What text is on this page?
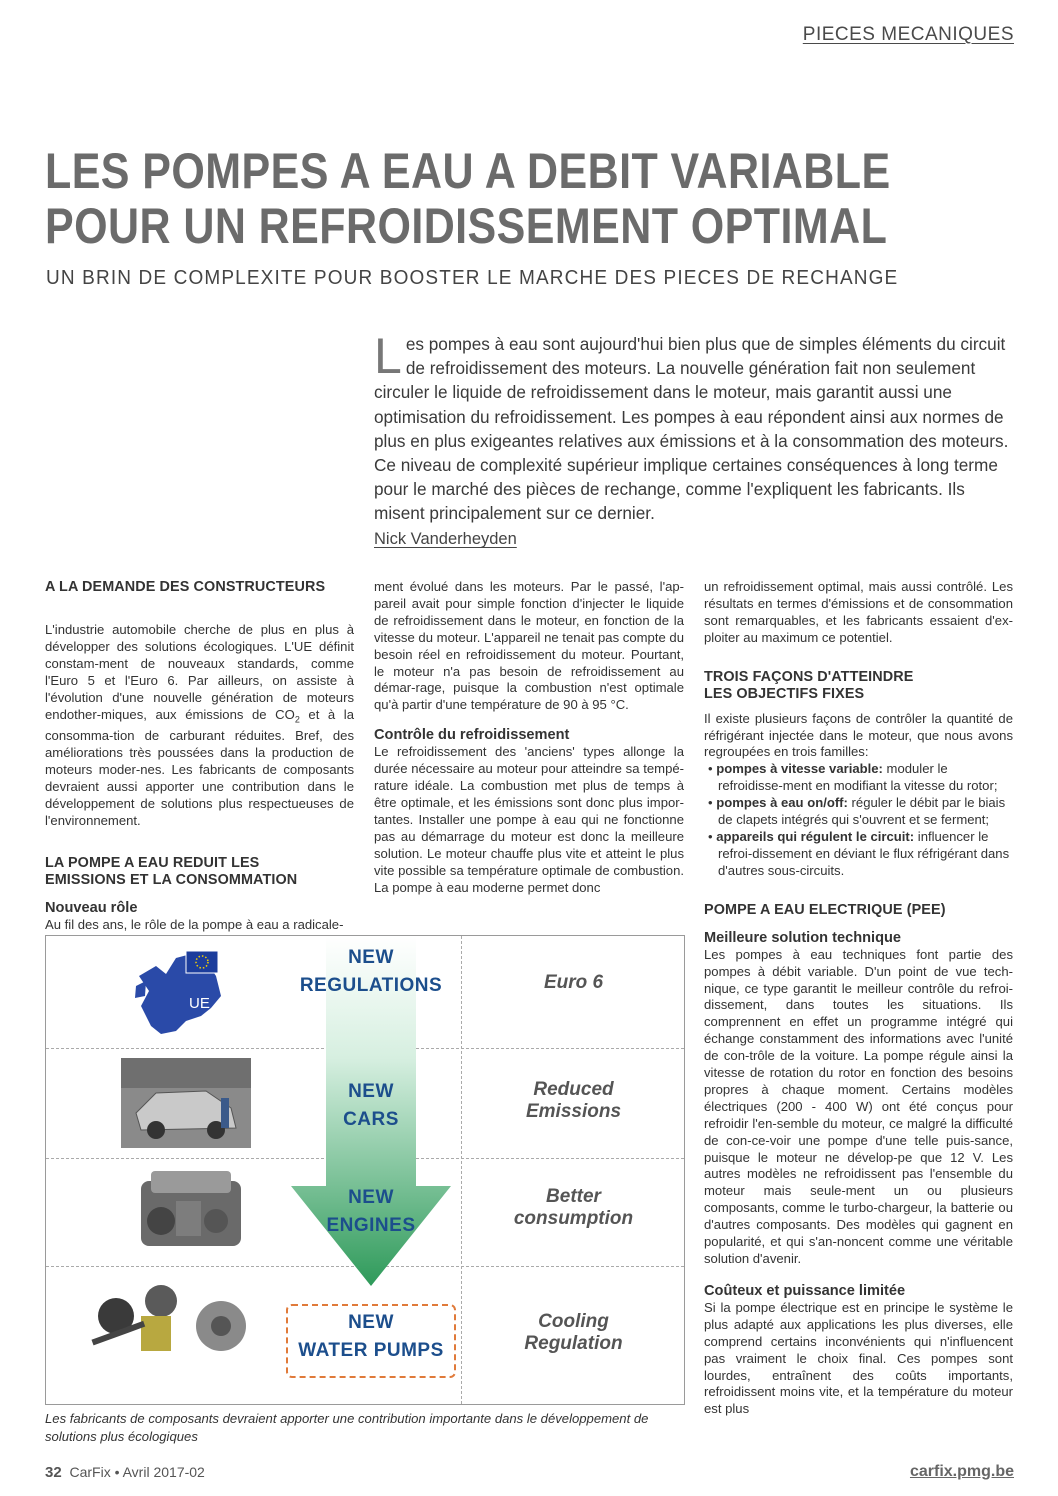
PIECES MECANIQUES
LES POMPES A EAU A DEBIT VARIABLE
POUR UN REFROIDISSEMENT OPTIMAL
UN BRIN DE COMPLEXITE POUR BOOSTER LE MARCHE DES PIECES DE RECHANGE
Les pompes à eau sont aujourd'hui bien plus que de simples éléments du circuit de refroidissement des moteurs. La nouvelle génération fait non seulement circuler le liquide de refroidissement dans le moteur, mais garantit aussi une optimisation du refroidissement. Les pompes à eau répondent ainsi aux normes de plus en plus exigeantes relatives aux émissions et à la consommation des moteurs. Ce niveau de complexité supérieur implique certaines conséquences à long terme pour le marché des pièces de rechange, comme l'expliquent les fabricants. Ils misent principalement sur ce dernier.
Nick Vanderheyden
A LA DEMANDE DES CONSTRUCTEURS

L'industrie automobile cherche de plus en plus à développer des solutions écologiques. L'UE définit constam-ment de nouveaux standards, comme l'Euro 5 et l'Euro 6. Par ailleurs, on assiste à l'évolution d'une nouvelle génération de moteurs endother-miques, aux émissions de $CO_2$ et à la consomma-tion de carburant réduites. Bref, des améliorations très poussées dans la production de moteurs moder-nes. Les fabricants de composants devraient aussi apporter une contribution dans le développement de solutions plus respectueuses de l'environnement.

LA POMPE A EAU REDUIT LES
EMISSIONS ET LA CONSOMMATION
Nouveau rôle

Au fil des ans, le rôle de la pompe à eau a radicale-

ment évolué dans les moteurs. Par le passé, l'ap-pareil avait pour simple fonction d'injecter le liquide de refroidissement dans le moteur, en fonction de la vitesse du moteur. L'appareil ne tenait pas compte du besoin réel en refroidissement du moteur. Pourtant, le moteur n'a pas besoin de refroidissement au démar-rage, puisque la combustion n'est optimale qu'à partir d'une température de 90 à 95 °C.

Contrôle du refroidissement

Le refroidissement des 'anciens' types allonge la durée nécessaire au moteur pour atteindre sa tempé-rature idéale. La combustion met plus de temps à être optimale, et les émissions sont donc plus impor-tantes. Installer une pompe à eau qui ne fonctionne pas au démarrage du moteur est donc la meilleure solution. Le moteur chauffe plus vite et atteint le plus vite possible sa température optimale de combustion. La pompe à eau moderne permet donc

un refroidissement optimal, mais aussi contrôlé. Les résultats en termes d'émissions et de consommation sont remarquables, et les fabricants essaient d'ex-ploiter au maximum ce potentiel.

TROIS FAÇONS D'ATTEINDRE
LES OBJECTIFS FIXES

Il existe plusieurs façons de contrôler la quantité de réfrigérant injectée dans le moteur, que nous avons regroupées en trois familles:

• pompes à vitesse variable: moduler le refroidisse-ment en modifiant la vitesse du rotor;
• pompes à eau on/off: réguler le débit par le biais de clapets intégrés qui s'ouvrent et se ferment;
• appareils qui régulent le circuit: influencer le refroi-dissement en déviant le flux réfrigérant dans d'autres sous-circuits.
POMPE A EAU ELECTRIQUE (PEE)
Meilleure solution technique

Les pompes à eau techniques font partie des pompes à débit variable. D'un point de vue tech-nique, ce type garantit le meilleur contrôle du refroi-dissement, dans toutes les situations. Ils comprennent en effet un programme intégré qui échange constamment des informations avec l'unité de con-trôle de la voiture. La pompe régule ainsi la vitesse de rotation du rotor en fonction des besoins propres à chaque moment. Certains modèles électriques (200 - 400 W) ont été conçus pour refroidir l'en-semble du moteur, ce malgré la difficulté de con-ce-voir une pompe d'une telle puis-sance, puisque le moteur ne dévelop-pe que 12 V. Les autres modèles ne refroidissent pas l'ensemble du moteur mais seule-ment un ou plusieurs composants, comme le turbo-chargeur, la batterie ou d'autres composants. Des modèles qui gagnent en popularité, et qui s'an-noncent comme une véritable solution d'avenir.

Coûteux et puissance limitée

Si la pompe électrique est en principe le système le plus adapté aux applications les plus diverses, elle comprend certains inconvénients qui n'influencent pas vraiment le choix final. Ces pompes sont lourdes, entraînent des coûts importants, refroidissent moins vite, et la température du moteur est plus

UE
NEW
REGULATIONS
NEW
CARS
NEW
ENGINES
NEW
WATER PUMPS
Euro 6
Reduced
Emissions
Better
consumption
Cooling
Regulation
Les fabricants de composants devraient apporter une contribution importante dans le développement de solutions plus écologiques
32 CarFix • Avril 2017-02	carfix.pmg.be
